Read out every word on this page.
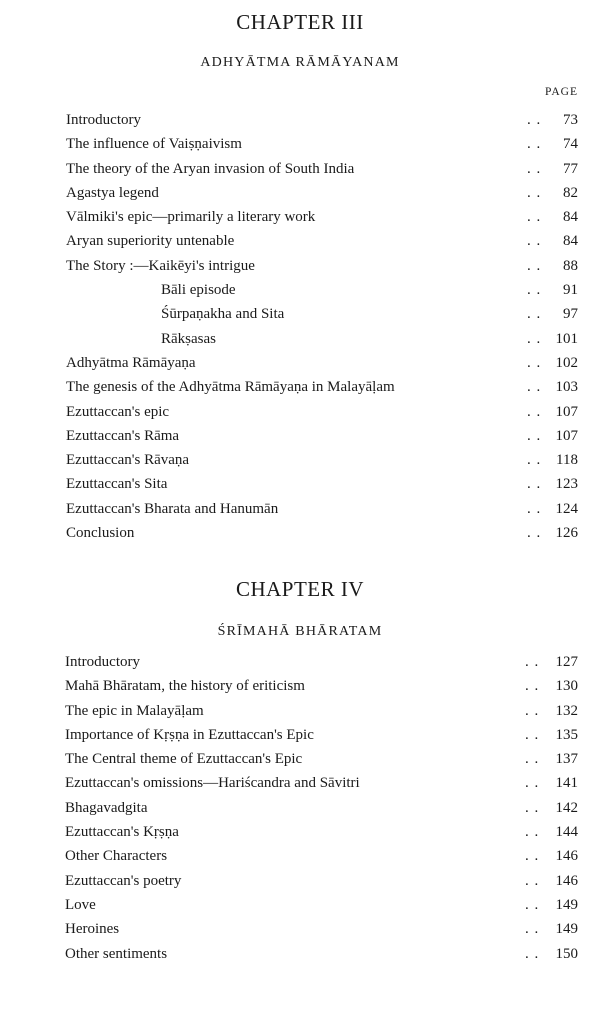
CHAPTER III
ADHYĀTMA RĀMĀYANAM
PAGE
Introductory	. . 73
The influence of Vaiṣṇaivism	. . 74
The theory of the Aryan invasion of South India	. . 77
Agastya legend	. . 82
Vālmiki's epic—primarily a literary work	. . 84
Aryan superiority untenable	. . 84
The Story :—Kaikēyi's intrigue	. . 88
Bāli episode	. . 91
Śūrpaṇakha and Sita	. . 97
Rākṣasas	. . 101
Adhyātma Rāmāyaṇa	. . 102
The genesis of the Adhyātma Rāmāyaṇa in Malayāḷam	. . 103
Ezuttaccan's epic	. . 107
Ezuttaccan's Rāma	. . 107
Ezuttaccan's Rāvaṇa	. . 118
Ezuttaccan's Sita	. . 123
Ezuttaccan's Bharata and Hanumān	. . 124
Conclusion	. . 126
CHAPTER IV
ŚRĪMAHĀ BHĀRATAM
Introductory	. . 127
Mahā Bhāratam, the history of eriticism	. . 130
The epic in Malayāḷam	. . 132
Importance of Kṛṣṇa in Ezuttaccan's Epic	. . 135
The Central theme of Ezuttaccan's Epic	. . 137
Ezuttaccan's omissions—Hariścandra and Sāvitri	. . 141
Bhagavadgita	. . 142
Ezuttaccan's Kṛṣṇa	. . 144
Other Characters	. . 146
Ezuttaccan's poetry	. . 146
Love	. . 149
Heroines	. . 149
Other sentiments	. . 150
